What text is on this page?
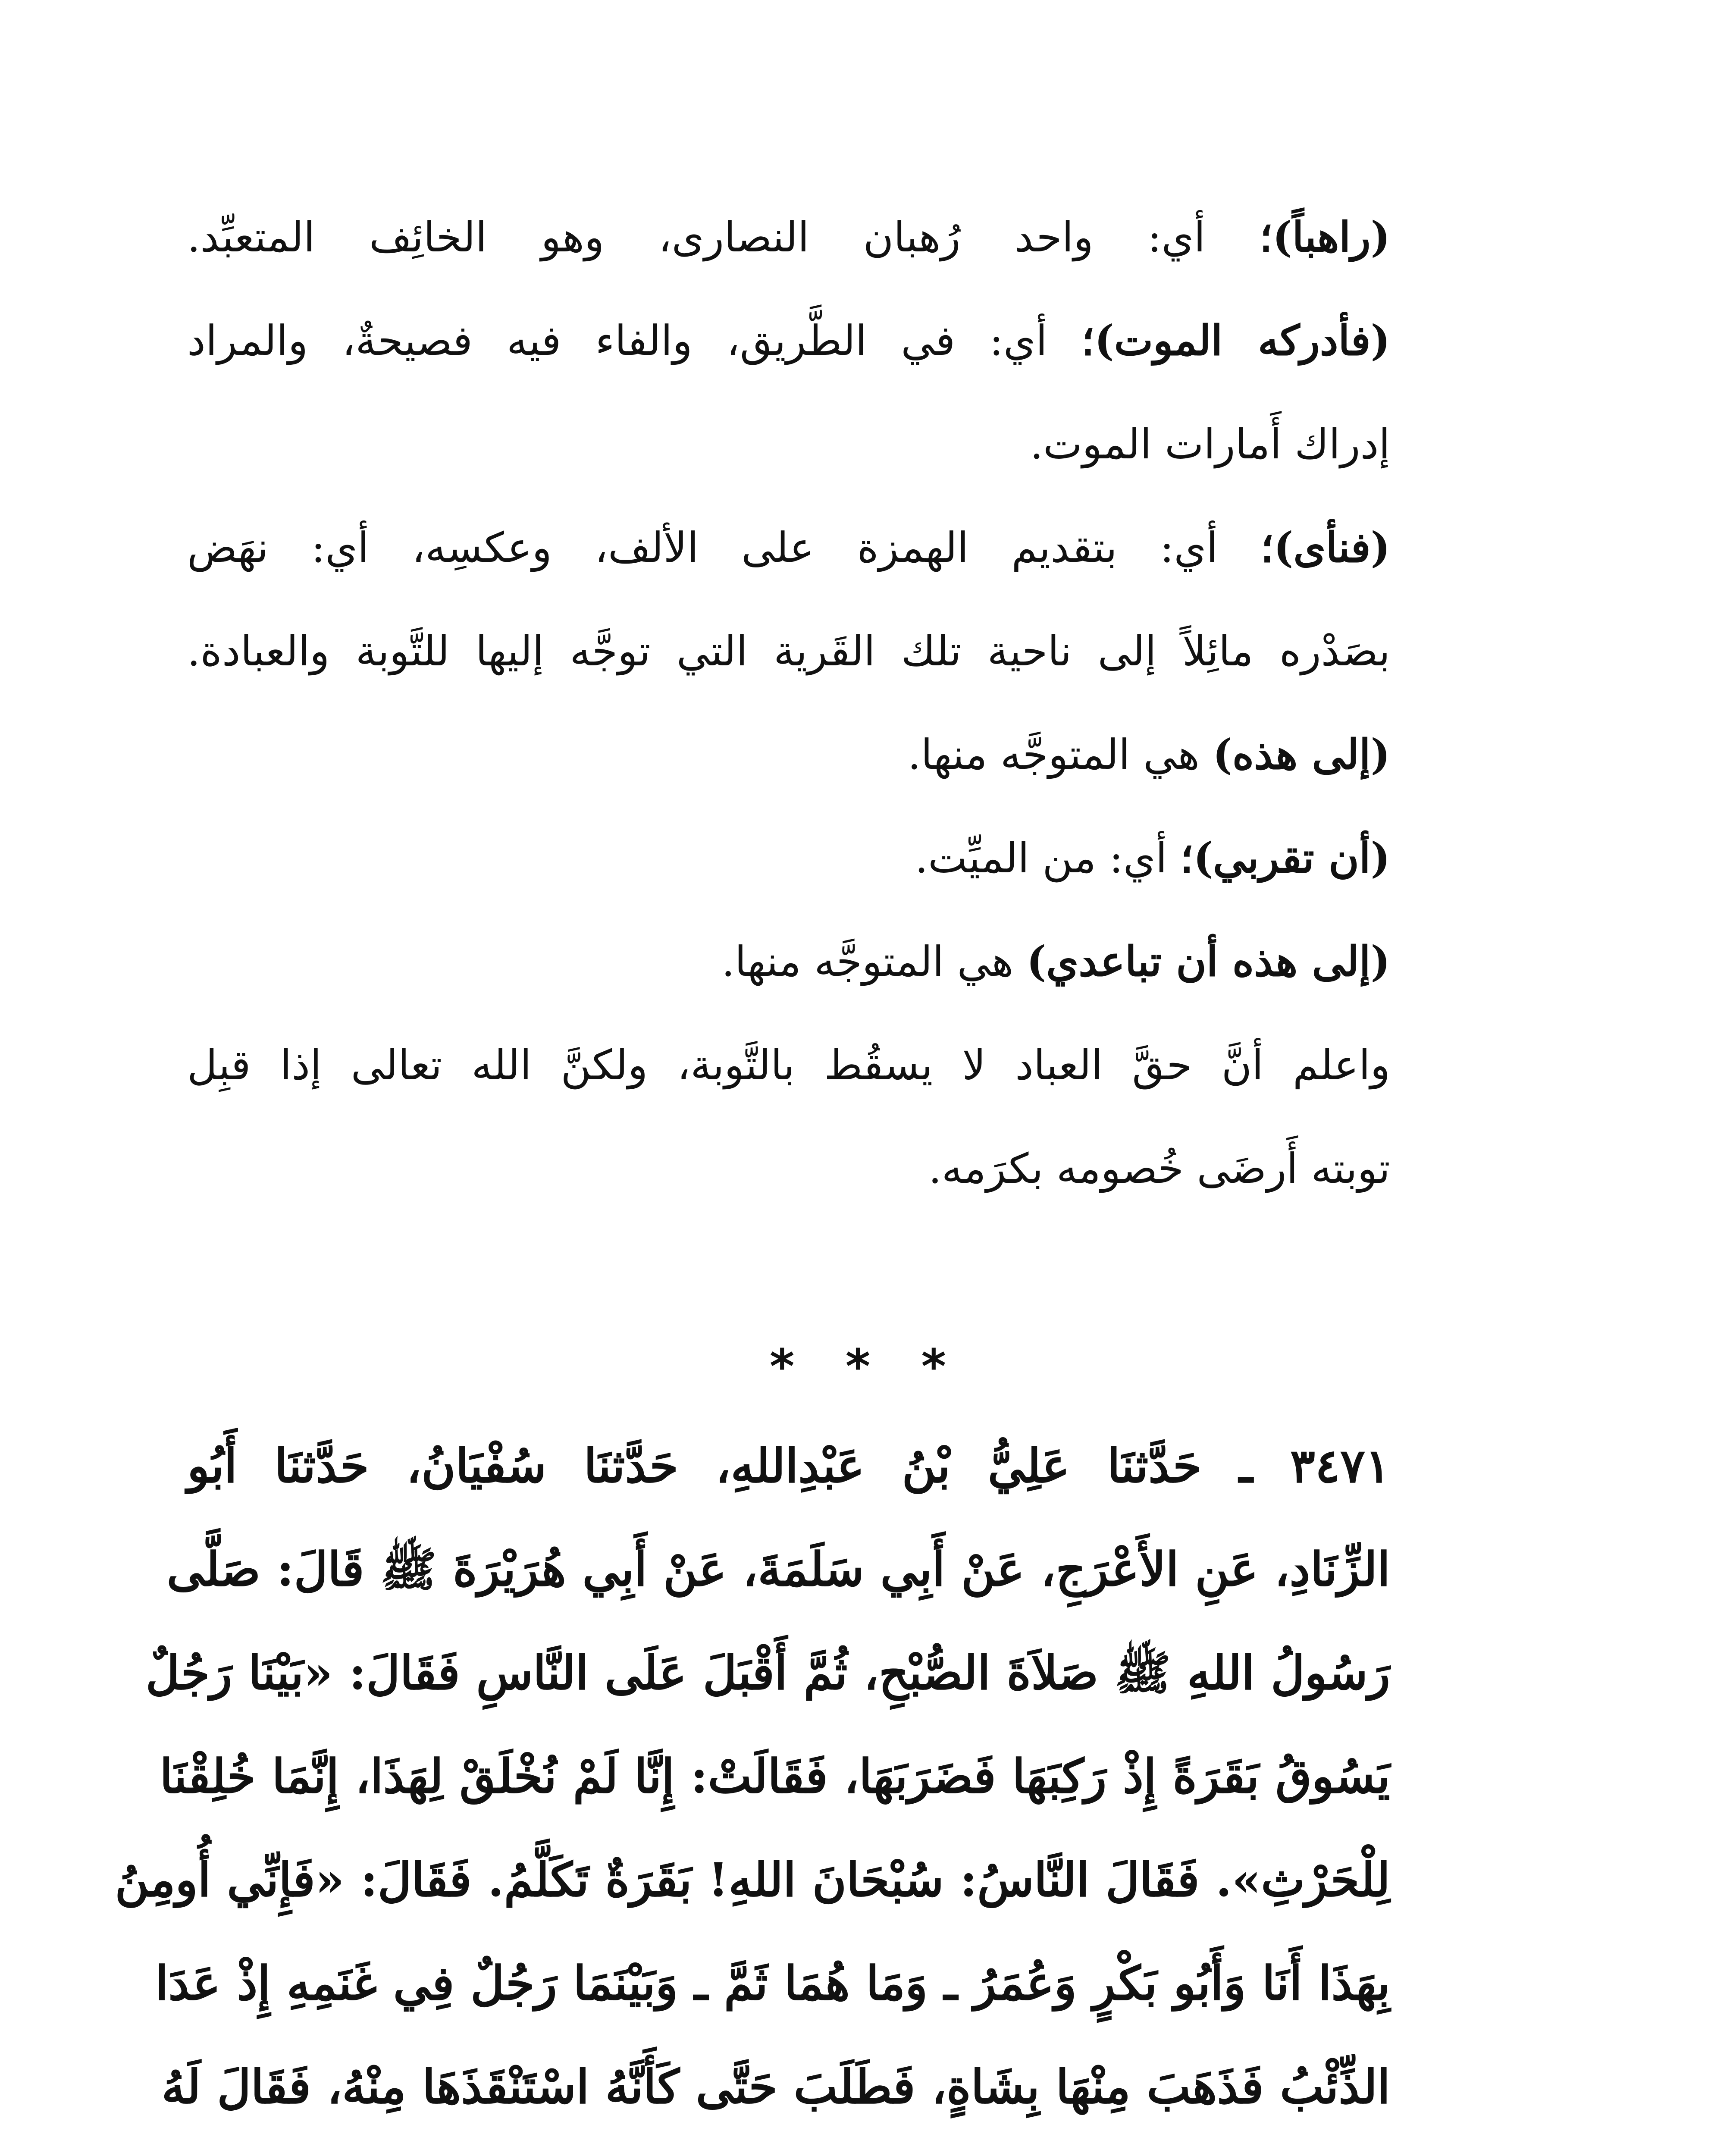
(راهباً)؛ أي: واحد رُهبان النصارى، وهو الخائِف المتعبِّد.
(فأدركه الموت)؛ أي: في الطَّريق، والفاء فيه فصيحةٌ، والمراد
إدراك أَمارات الموت.
(فنأى)؛ أي: بتقديم الهمزة على الألف، وعكسِه، أي: نهَض
بصَدْره مائِلاً إلى ناحية تلك القَرية التي توجَّه إليها للتَّوبة والعبادة.
(إلى هذه) هي المتوجَّه منها.
(أن تقربي)؛ أي: من الميِّت.
(إلى هذه أن تباعدي) هي المتوجَّه منها.
واعلم أنَّ حقَّ العباد لا يسقُط بالتَّوبة، ولكنَّ الله تعالى إذا قبِل
توبته أَرضَى خُصومه بكرَمه.
* * *
٣٤٧١ ـ حَدَّثنَا عَلِيُّ بْنُ عَبْدِاللهِ، حَدَّثنَا سُفْيَانُ، حَدَّثنَا أَبُو
الزِّنَادِ، عَنِ الأَعْرَجِ، عَنْ أَبِي سَلَمَةَ، عَنْ أَبِي هُرَيْرَةَ ﷺ قَالَ: صَلَّى
رَسُولُ اللهِ ﷺ صَلاَةَ الصُّبْحِ، ثُمَّ أَقْبَلَ عَلَى النَّاسِ فَقَالَ: «بَيْنَا رَجُلٌ
يَسُوقُ بَقَرَةً إِذْ رَكِبَهَا فَضَرَبَهَا، فَقَالَتْ: إِنَّا لَمْ نُخْلَقْ لِهَذَا، إِنَّمَا خُلِقْنَا
لِلْحَرْثِ». فَقَالَ النَّاسُ: سُبْحَانَ اللهِ! بَقَرَةٌ تَكَلَّمُ. فَقَالَ: «فَإِنِّي أُومِنُ
بِهَذَا أَنَا وَأَبُو بَكْرٍ وَعُمَرُ ـ وَمَا هُمَا ثَمَّ ـ وَبَيْنَمَا رَجُلٌ فِي غَنَمِهِ إِذْ عَدَا
الذِّئْبُ فَذَهَبَ مِنْهَا بِشَاةٍ، فَطَلَبَ حَتَّى كَأَنَّهُ اسْتَنْقَذَهَا مِنْهُ، فَقَالَ لَهُ
